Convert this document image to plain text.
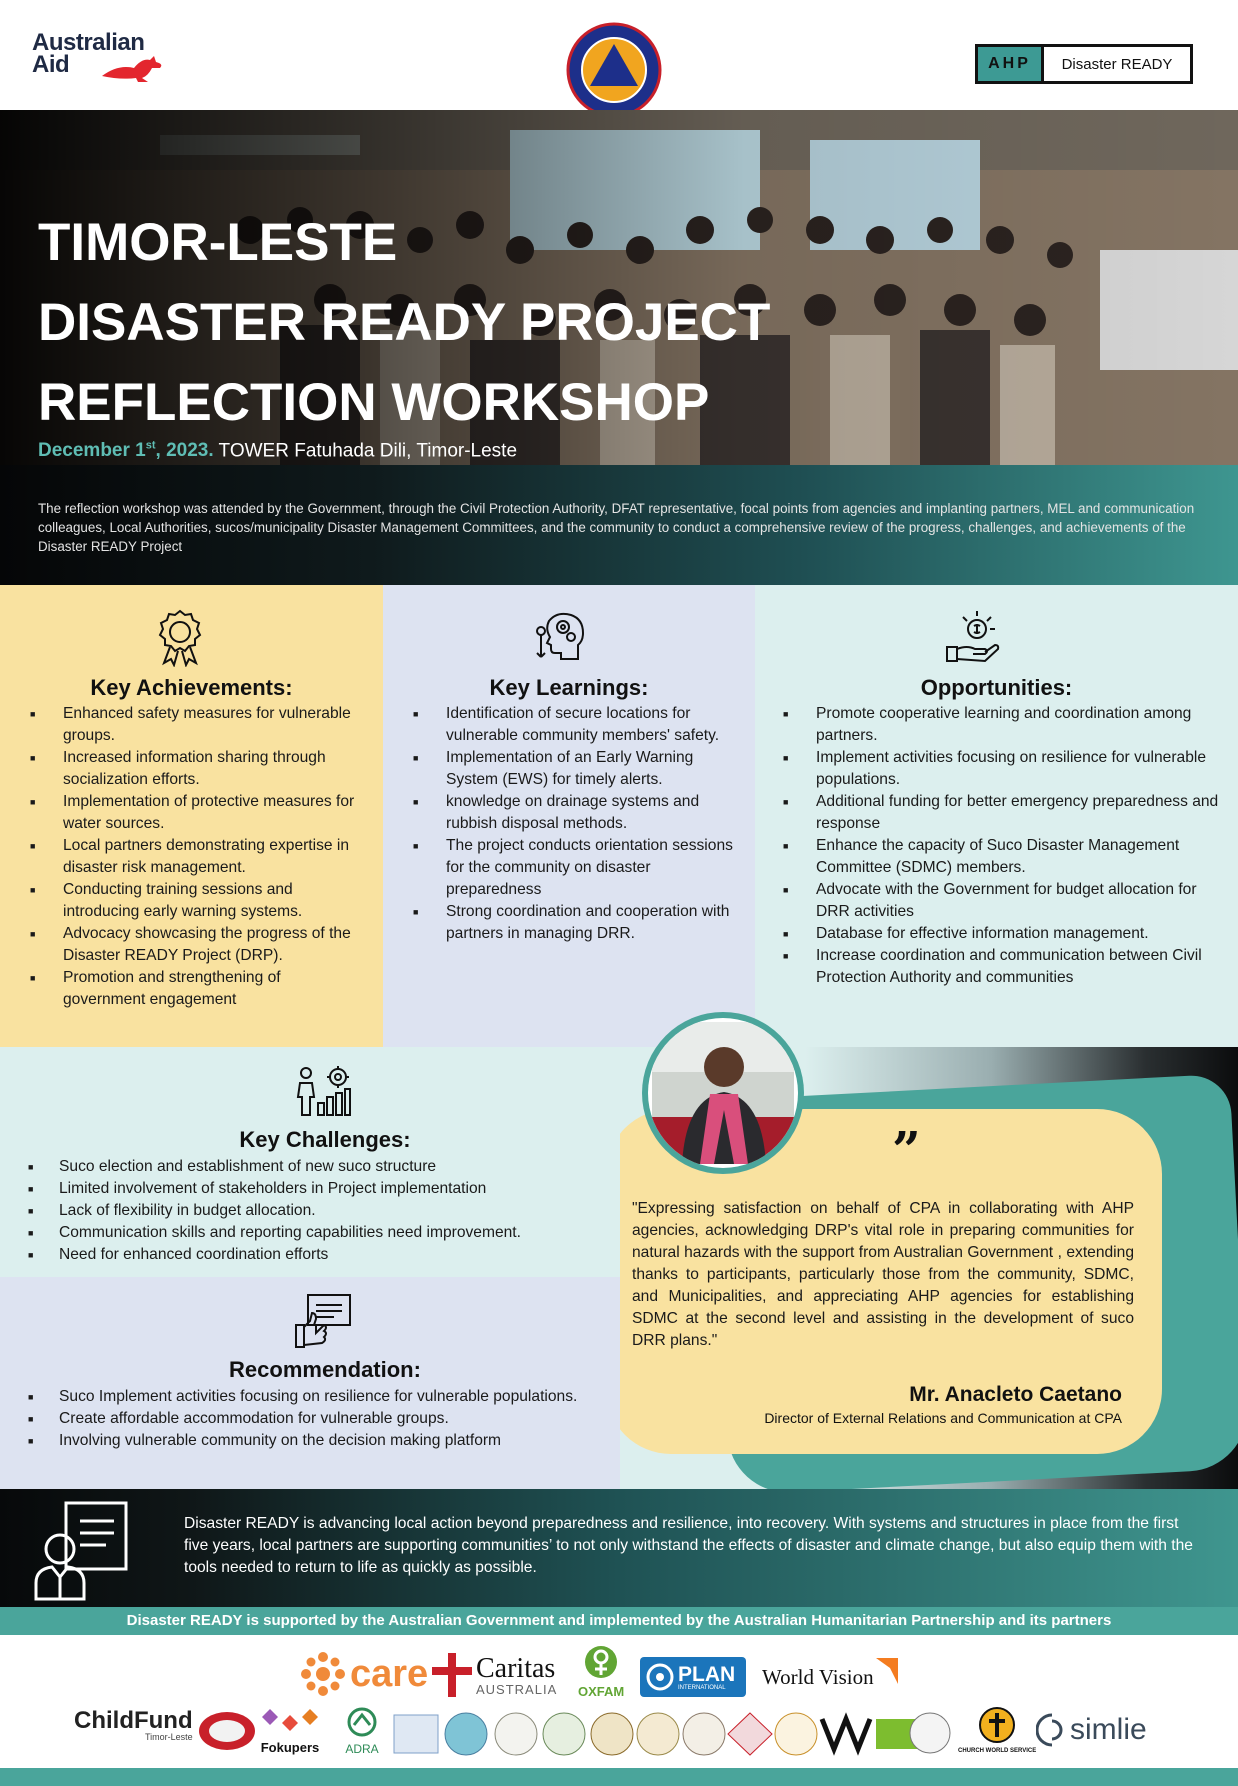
Australian
Aid	AHP	Disaster READY
TIMOR-LESTE
DISASTER READY PROJECT
REFLECTION WORKSHOP
December 1st, 2023. TOWER Fatuhada Dili, Timor-Leste

The reflection workshop was attended by the Government, through the Civil Protection Authority, DFAT representative, focal points from agencies and implanting partners, MEL and communication colleagues, Local Authorities, sucos/municipality Disaster Management Committees, and the community to conduct a comprehensive review of the progress, challenges, and achievements of the Disaster READY Project

Key Achievements:
■ Enhanced safety measures for vulnerable groups.
■ Increased information sharing through socialization efforts.
■ Implementation of protective measures for water sources.
■ Local partners demonstrating expertise in disaster risk management.
■ Conducting training sessions and introducing early warning systems.
■ Advocacy showcasing the progress of the Disaster READY Project (DRP).
■ Promotion and strengthening of government engagement
Key Learnings:
■ Identification of secure locations for vulnerable community members' safety.
■ Implementation of an Early Warning System (EWS) for timely alerts.
■ knowledge on drainage systems and rubbish disposal methods.
■ The project conducts orientation sessions for the community on disaster preparedness
■ Strong coordination and cooperation with partners in managing DRR.
Opportunities:
■ Promote cooperative learning and coordination among partners.
■ Implement activities focusing on resilience for vulnerable populations.
■ Additional funding for better emergency preparedness and response
■ Enhance the capacity of Suco Disaster Management Committee (SDMC) members.
■ Advocate with the Government for budget allocation for DRR activities
■ Database for effective information management.
■ Increase coordination and communication between Civil Protection Authority and communities
Key Challenges:
■ Suco election and establishment of new suco structure
■ Limited involvement of stakeholders in Project implementation
■ Lack of flexibility in budget allocation.
■ Communication skills and reporting capabilities need improvement.
■ Need for enhanced coordination efforts
Recommendation:
■ Suco Implement activities focusing on resilience for vulnerable populations.
■ Create affordable accommodation for vulnerable groups.
■ Involving vulnerable community on the decision making platform
”

"Expressing satisfaction on behalf of CPA in collaborating with AHP agencies, acknowledging DRP's vital role in preparing communities for natural hazards with the support from Australian Government , extending thanks to participants, particularly those from the community, SDMC, and Municipalities, and appreciating AHP agencies for establishing SDMC at the second level and assisting in the development of suco DRR plans."

Mr. Anacleto Caetano
Director of External Relations and Communication at CPA

Disaster READY is advancing local action beyond preparedness and resilience, into recovery. With systems and structures in place from the first five years, local partners are supporting communities’ to not only withstand the effects of disaster and climate change, but also equip them with the tools needed to return to life as quickly as possible.

Disaster READY is supported by the Australian Government and implemented by the Australian Humanitarian Partnership and its partners
care Caritas
AUSTRALIA OXFAM
PLAN
INTERNATIONAL	World Vision
ChildFund
Timor-Leste
Fokupers ADRA	CHURCH WORLD SERVICE
simlie
